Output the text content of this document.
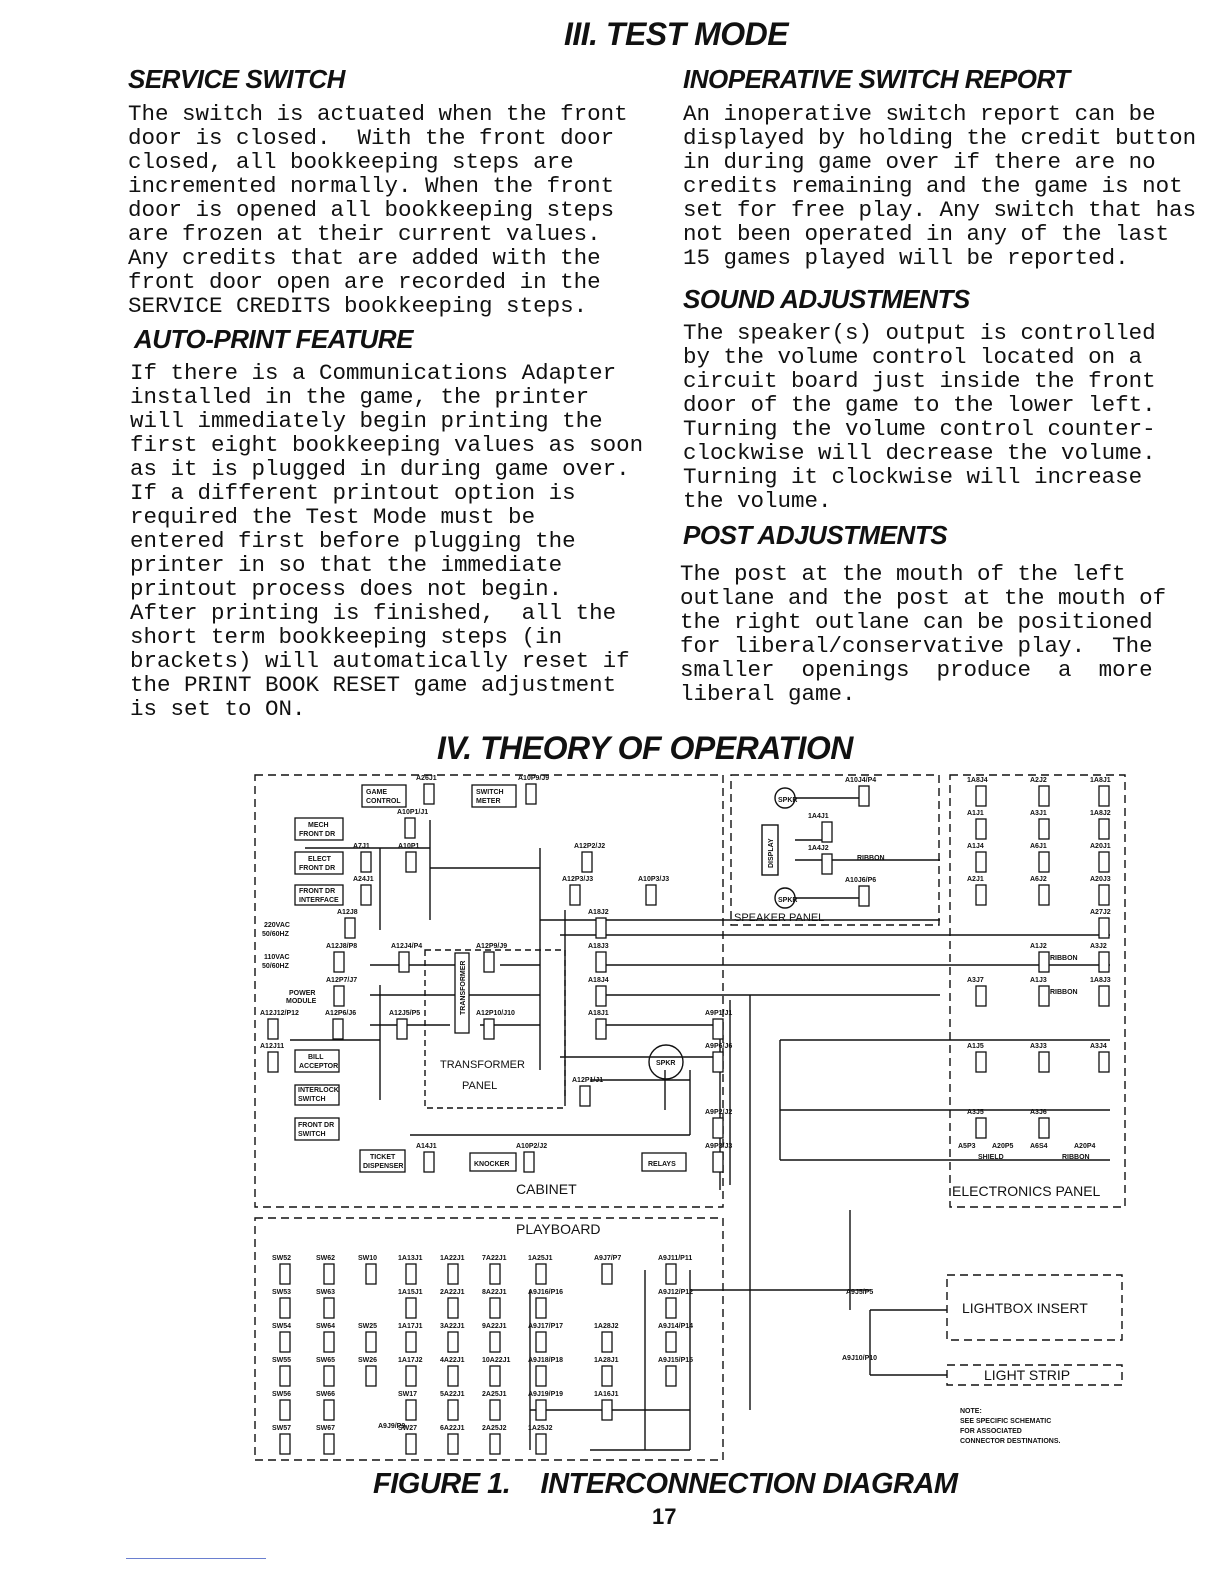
III. TEST MODE
SERVICE SWITCH
The switch is actuated when the front
door is closed.  With the front door
closed, all bookkeeping steps are
incremented normally. When the front
door is opened all bookkeeping steps
are frozen at their current values.
Any credits that are added with the
front door open are recorded in the
SERVICE CREDITS bookkeeping steps.
AUTO-PRINT FEATURE
If there is a Communications Adapter
installed in the game, the printer
will immediately begin printing the
first eight bookkeeping values as soon
as it is plugged in during game over.
If a different printout option is
required the Test Mode must be
entered first before plugging the
printer in so that the immediate
printout process does not begin.
After printing is finished,  all the
short term bookkeeping steps (in
brackets) will automatically reset if
the PRINT BOOK RESET game adjustment
is set to ON.
INOPERATIVE SWITCH REPORT
An inoperative switch report can be
displayed by holding the credit button
in during game over if there are no
credits remaining and the game is not
set for free play. Any switch that has
not been operated in any of the last
15 games played will be reported.
SOUND ADJUSTMENTS
The speaker(s) output is controlled
by the volume control located on a
circuit board just inside the front
door of the game to the lower left.
Turning the volume control counter-
clockwise will decrease the volume.
Turning it clockwise will increase
the volume.
POST ADJUSTMENTS
The post at the mouth of the left
outlane and the post at the mouth of
the right outlane can be positioned
for liberal/conservative play.  The
smaller  openings  produce  a  more
liberal game.
IV. THEORY OF OPERATION
GAME
CONTROL
SWITCH
METER
MECH
FRONT DR
ELECT
FRONT DR
FRONT DR
INTERFACE
POWER
MODULE
BILL
ACCEPTOR
INTERLOCK
SWITCH
FRONT DR
SWITCH
TICKET
DISPENSER
220VAC
50/60HZ
110VAC
50/60HZ
KNOCKER	RELAYS
SHIELD	RIBBON
RIBBON
RIBBON
NOTE:
SEE SPECIFIC SCHEMATIC
FOR ASSOCIATED
CONNECTOR DESTINATIONS.
A26J1	A10P9/J9
A10P1/J1
A7J1	A10P1
A24J1
A12J8
A12J8/P8	A12J4/P4	A12P9/J9
A12P7/J7
A12J12/P12	A12P6/J6	A12J5/P5	A12P10/J10
A12J11
A12P2/J2
A12P3/J3	A10P3/J3
A18J2
A18J3
A18J4
A18J1
A12P1/J1
A14J1	A10P2/J2
A9P1/J1
A9P6/J6
A9P2/J2
A9P3/J3
A10J4/P4
1A4J1
1A4J2
A10J6/P6
1A8J4	A2J2	1A8J1
A1J1	A3J1	1A8J2
A1J4	A6J1	A20J1
A2J1	A6J2	A20J3
A27J2
A1J2	A3J2
A3J7	A1J3	1A8J3
A1J5	A3J3	A3J4
A3J5	A3J6
A5P3 A20P5 A6S4	A20P4
SW52
SW53
SW54
SW55
SW56
SW57
SW62
SW63
SW64
SW65
SW66
SW67
SW10
SW25
SW26
1A13J1
1A15J1
1A17J1
1A17J2
SW17
SW27
1A22J1
2A22J1
3A22J1
4A22J1
5A22J1
6A22J1
7A22J1
8A22J1
9A22J1
10A22J1
2A25J1
2A25J2
1A25J1
A9J16/P16
A9J17/P17
A9J18/P18
A9J19/P19
1A25J2
A9J7/P7
1A28J2
1A28J1
1A16J1
A9J11/P11
A9J12/P12
A9J14/P14
A9J15/P15
A9J9/P9
A9J5/P5
A9J10/P10
CABINET
PLAYBOARD
TRANSFORMER
PANEL
TRANSFORMER
SPEAKER PANEL
ELECTRONICS PANEL
LIGHTBOX INSERT
LIGHT STRIP
SPKR
SPKR
SPKR
DISPLAY	RIBBON
FIGURE 1.    INTERCONNECTION DIAGRAM
17
